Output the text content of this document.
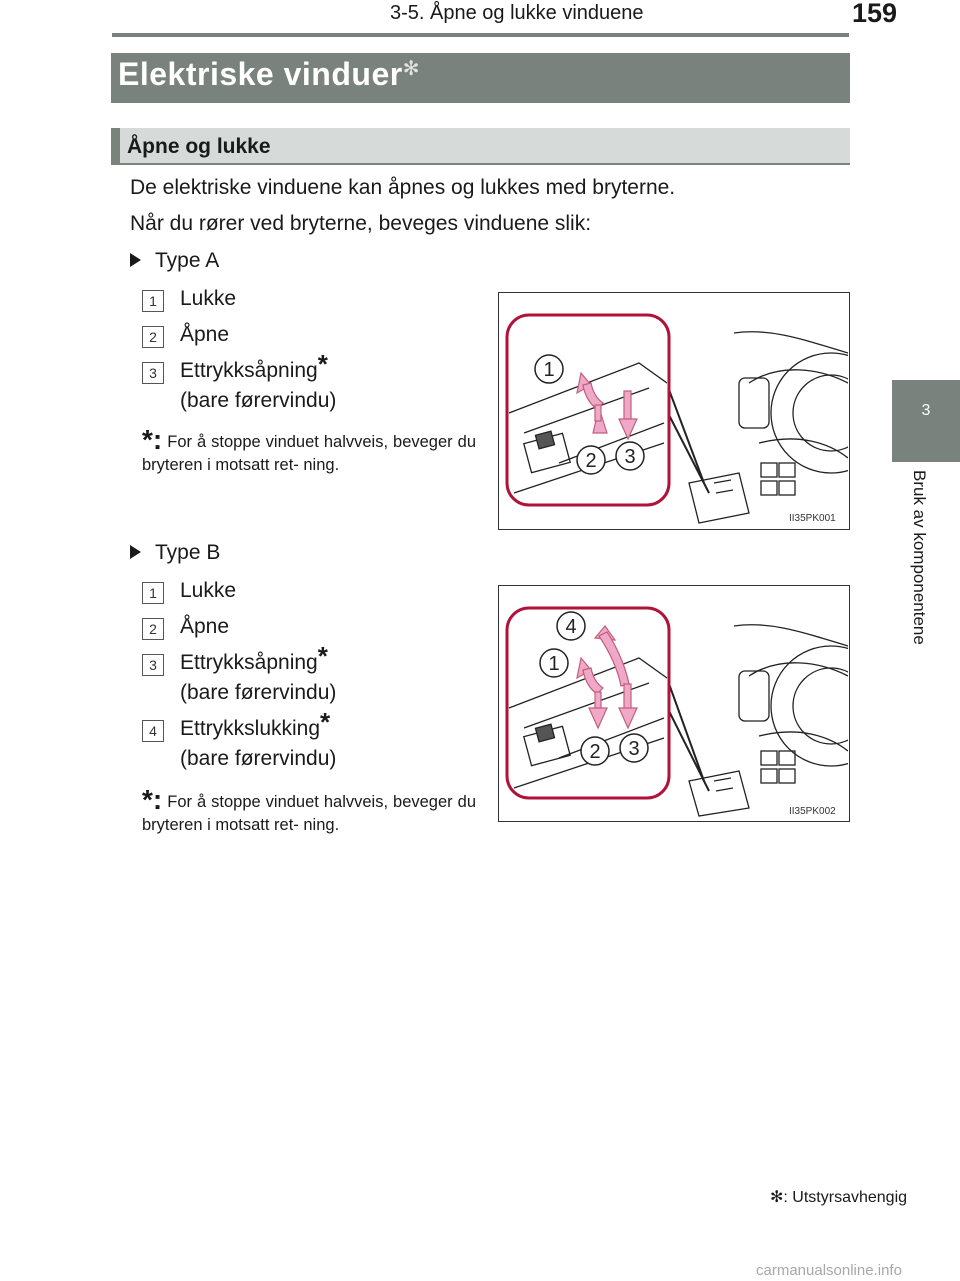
3-5. Åpne og lukke vinduene	159
3
Bruk av komponentene
Elektriske vinduer✻
Åpne og lukke
De elektriske vinduene kan åpnes og lukkes med bryterne.
Når du rører ved bryterne, beveges vinduene slik:
Type A
1	Lukke
2	Åpne
3	Ettrykksåpning*
(bare førervindu)
*: For å stoppe vinduet halvveis, beveger du bryteren i motsatt ret- ning.
1
2 3
II35PK001
Type B
1	Lukke
2	Åpne
3	Ettrykksåpning*
(bare førervindu)
4	Ettrykkslukking*
(bare førervindu)
*: For å stoppe vinduet halvveis, beveger du bryteren i motsatt ret- ning.
4
1
2 3
II35PK002
✻: Utstyrsavhengig
carmanualsonline.info
